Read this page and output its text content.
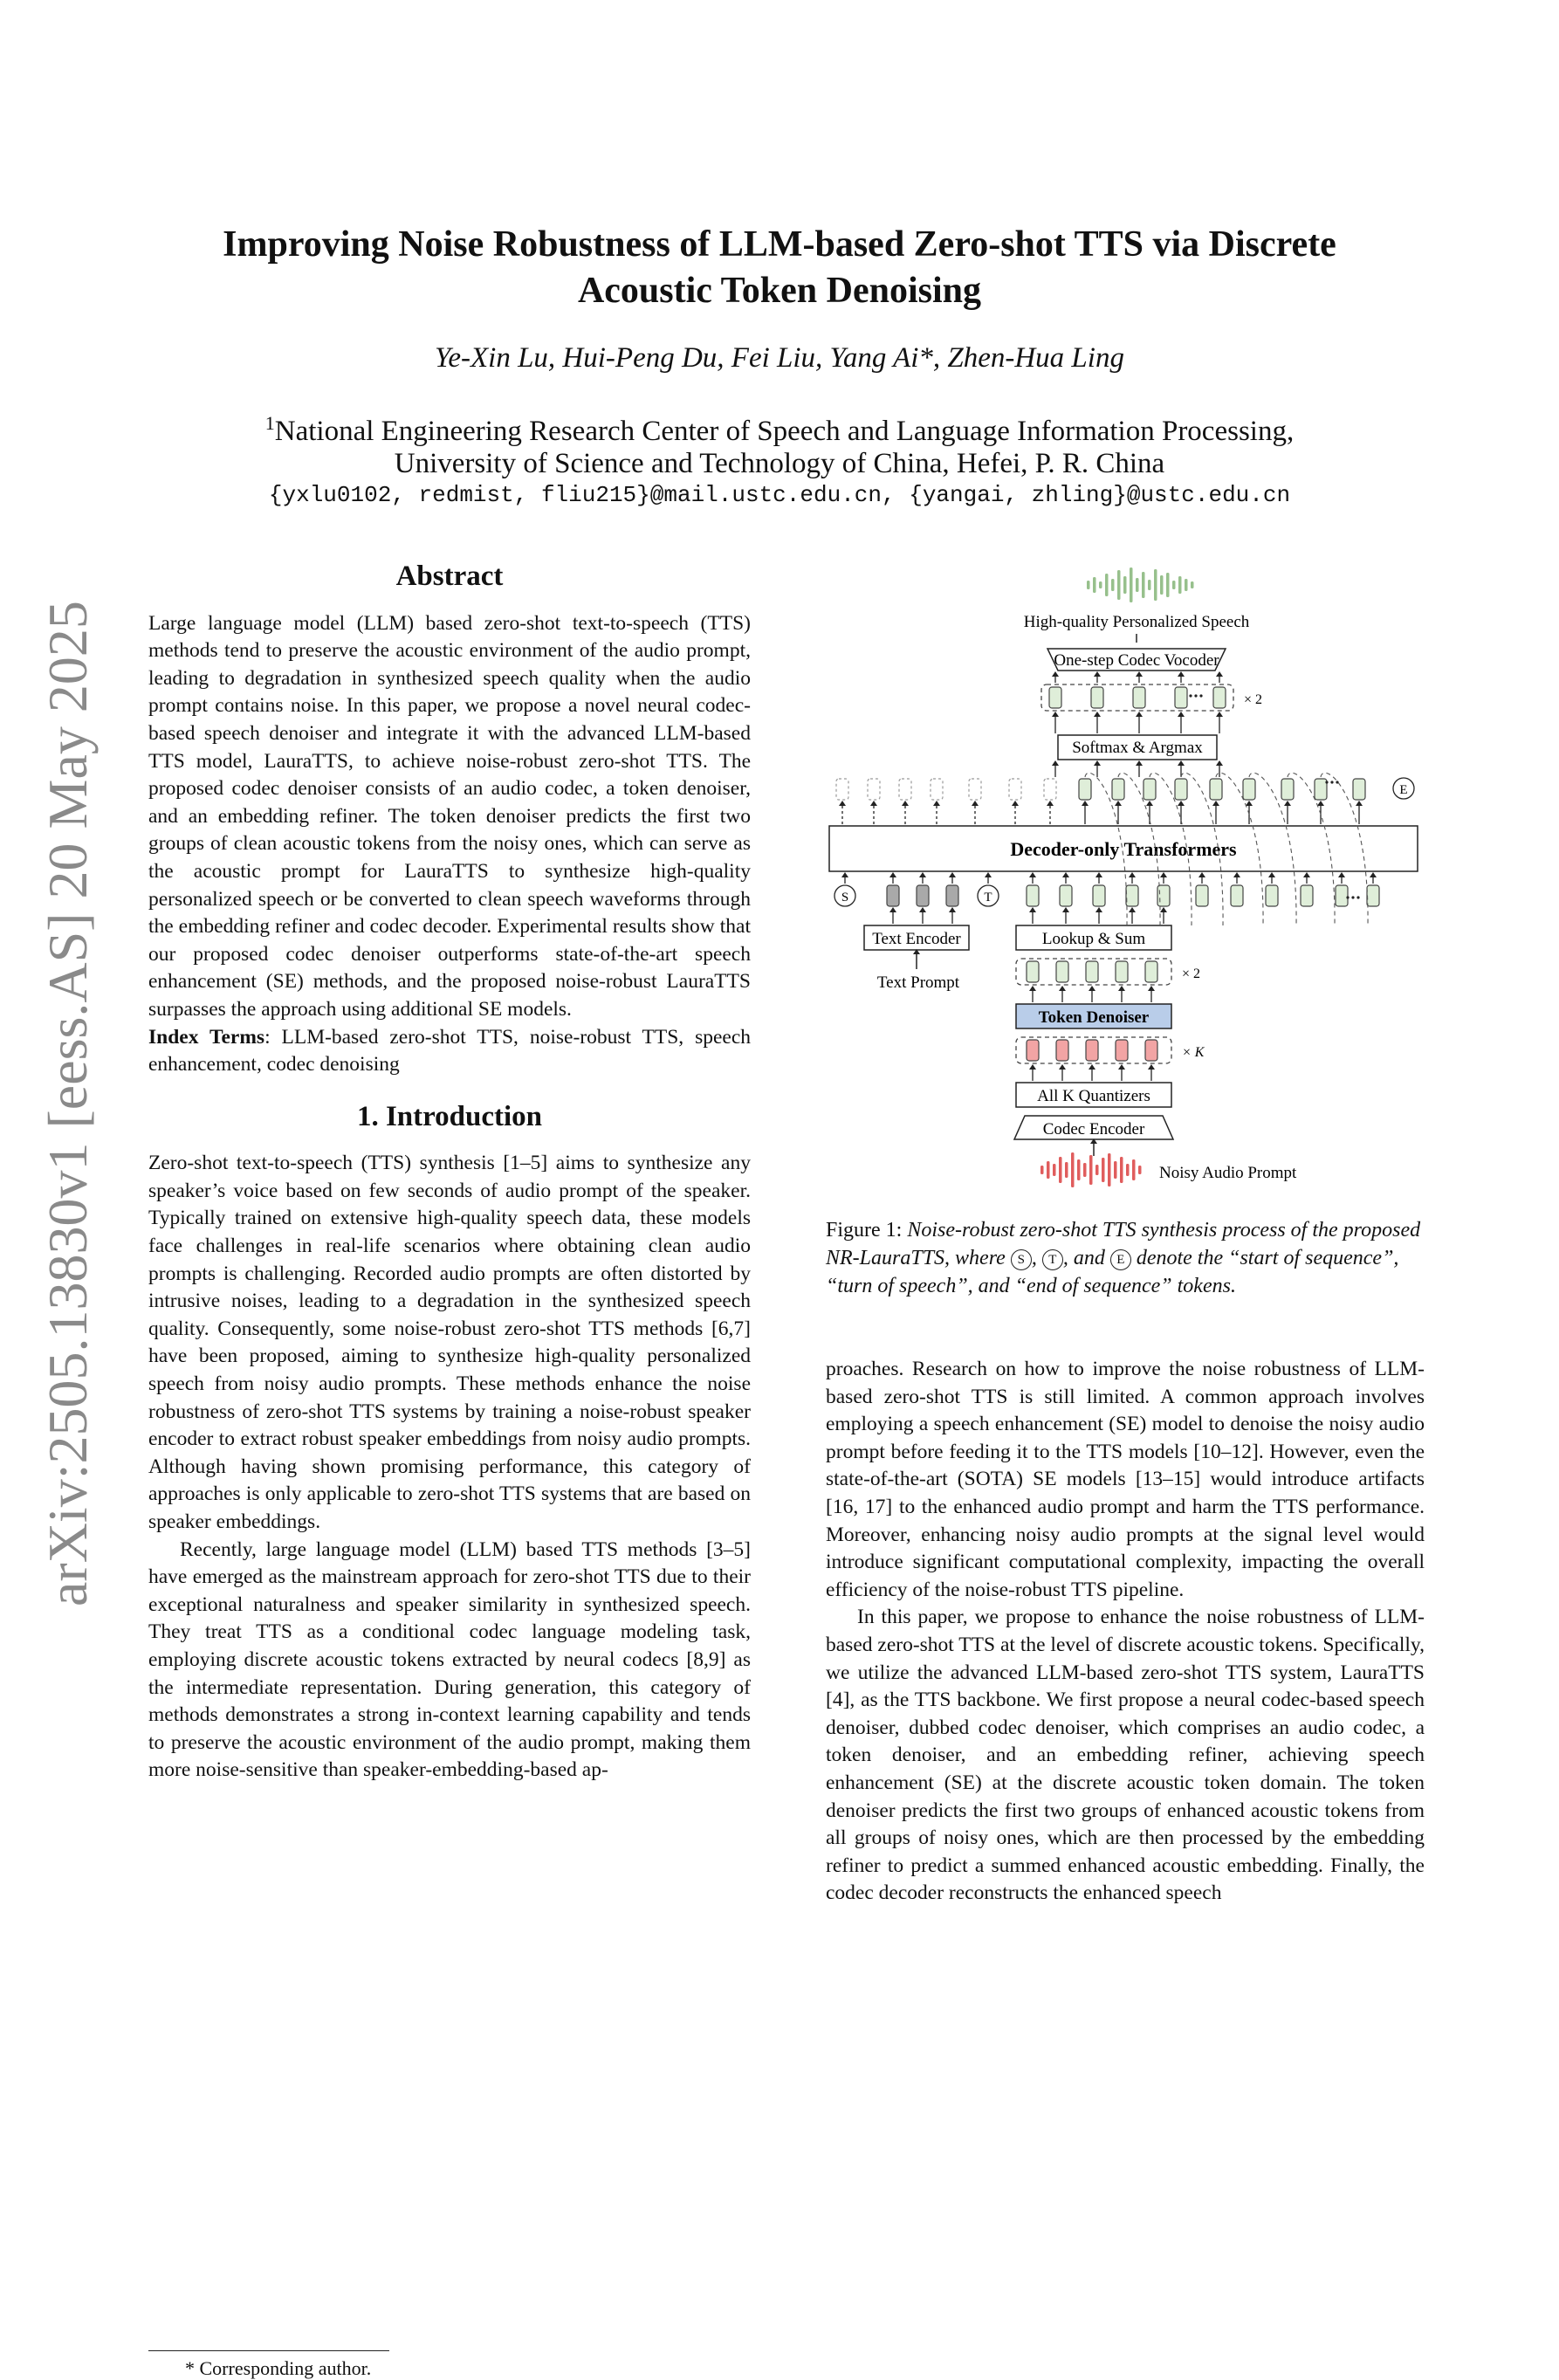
arXiv:2505.13830v1 [eess.AS] 20 May 2025
Improving Noise Robustness of LLM-based Zero-shot TTS via Discrete
Acoustic Token Denoising
Ye-Xin Lu, Hui-Peng Du, Fei Liu, Yang Ai*, Zhen-Hua Ling
$^1$National Engineering Research Center of Speech and Language Information Processing,
University of Science and Technology of China, Hefei, P. R. China
{yxlu0102, redmist, fliu215}@mail.ustc.edu.cn, {yangai, zhling}@ustc.edu.cn
Abstract

Large language model (LLM) based zero-shot text-to-speech (TTS) methods tend to preserve the acoustic environment of the audio prompt, leading to degradation in synthesized speech quality when the audio prompt contains noise. In this paper, we propose a novel neural codec-based speech denoiser and integrate it with the advanced LLM-based TTS model, LauraTTS, to achieve noise-robust zero-shot TTS. The proposed codec denoiser consists of an audio codec, a token denoiser, and an embedding refiner. The token denoiser predicts the first two groups of clean acoustic tokens from the noisy ones, which can serve as the acoustic prompt for LauraTTS to synthesize high-quality personalized speech or be converted to clean speech waveforms through the embedding refiner and codec decoder. Experimental results show that our proposed codec denoiser outperforms state-of-the-art speech enhancement (SE) methods, and the proposed noise-robust LauraTTS surpasses the approach using additional SE models.

Index Terms: LLM-based zero-shot TTS, noise-robust TTS, speech enhancement, codec denoising

1. Introduction

Zero-shot text-to-speech (TTS) synthesis [1–5] aims to synthesize any speaker’s voice based on few seconds of audio prompt of the speaker. Typically trained on extensive high-quality speech data, these models face challenges in real-life scenarios where obtaining clean audio prompts is challenging. Recorded audio prompts are often distorted by intrusive noises, leading to a degradation in the synthesized speech quality. Consequently, some noise-robust zero-shot TTS methods [6,7] have been proposed, aiming to synthesize high-quality personalized speech from noisy audio prompts. These methods enhance the noise robustness of zero-shot TTS systems by training a noise-robust speaker encoder to extract robust speaker embeddings from noisy audio prompts. Although having shown promising performance, this category of approaches is only applicable to zero-shot TTS systems that are based on speaker embeddings.

Recently, large language model (LLM) based TTS methods [3–5] have emerged as the mainstream approach for zero-shot TTS due to their exceptional naturalness and speaker similarity in synthesized speech. They treat TTS as a conditional codec language modeling task, employing discrete acoustic tokens extracted by neural codecs [8,9] as the intermediate representation. During generation, this category of methods demonstrates a strong in-context learning capability and tends to preserve the acoustic environment of the audio prompt, making them more noise-sensitive than speaker-embedding-based ap-

* Corresponding author.
High-quality Personalized Speech
One-step Codec Vocoder
× 2
Softmax & Argmax
E
Decoder-only Transformers
S	T
Text Encoder
Text Prompt
Lookup & Sum
× 2
Token Denoiser
× K
All K Quantizers
Codec Encoder
Noisy Audio Prompt
Figure 1: Noise-robust zero-shot TTS synthesis process of the proposed NR-LauraTTS, where S , T , and E denote the “start of sequence”, “turn of speech”, and “end of sequence” tokens.

proaches. Research on how to improve the noise robustness of LLM-based zero-shot TTS is still limited. A common approach involves employing a speech enhancement (SE) model to denoise the noisy audio prompt before feeding it to the TTS models [10–12]. However, even the state-of-the-art (SOTA) SE models [13–15] would introduce artifacts [16, 17] to the enhanced audio prompt and harm the TTS performance. Moreover, enhancing noisy audio prompts at the signal level would introduce significant computational complexity, impacting the overall efficiency of the noise-robust TTS pipeline.

In this paper, we propose to enhance the noise robustness of LLM-based zero-shot TTS at the level of discrete acoustic tokens. Specifically, we utilize the advanced LLM-based zero-shot TTS system, LauraTTS [4], as the TTS backbone. We first propose a neural codec-based speech denoiser, dubbed codec denoiser, which comprises an audio codec, a token denoiser, and an embedding refiner, achieving speech enhancement (SE) at the discrete acoustic token domain. The token denoiser predicts the first two groups of enhanced acoustic tokens from all groups of noisy ones, which are then processed by the embedding refiner to predict a summed enhanced acoustic embedding. Finally, the codec decoder reconstructs the enhanced speech
